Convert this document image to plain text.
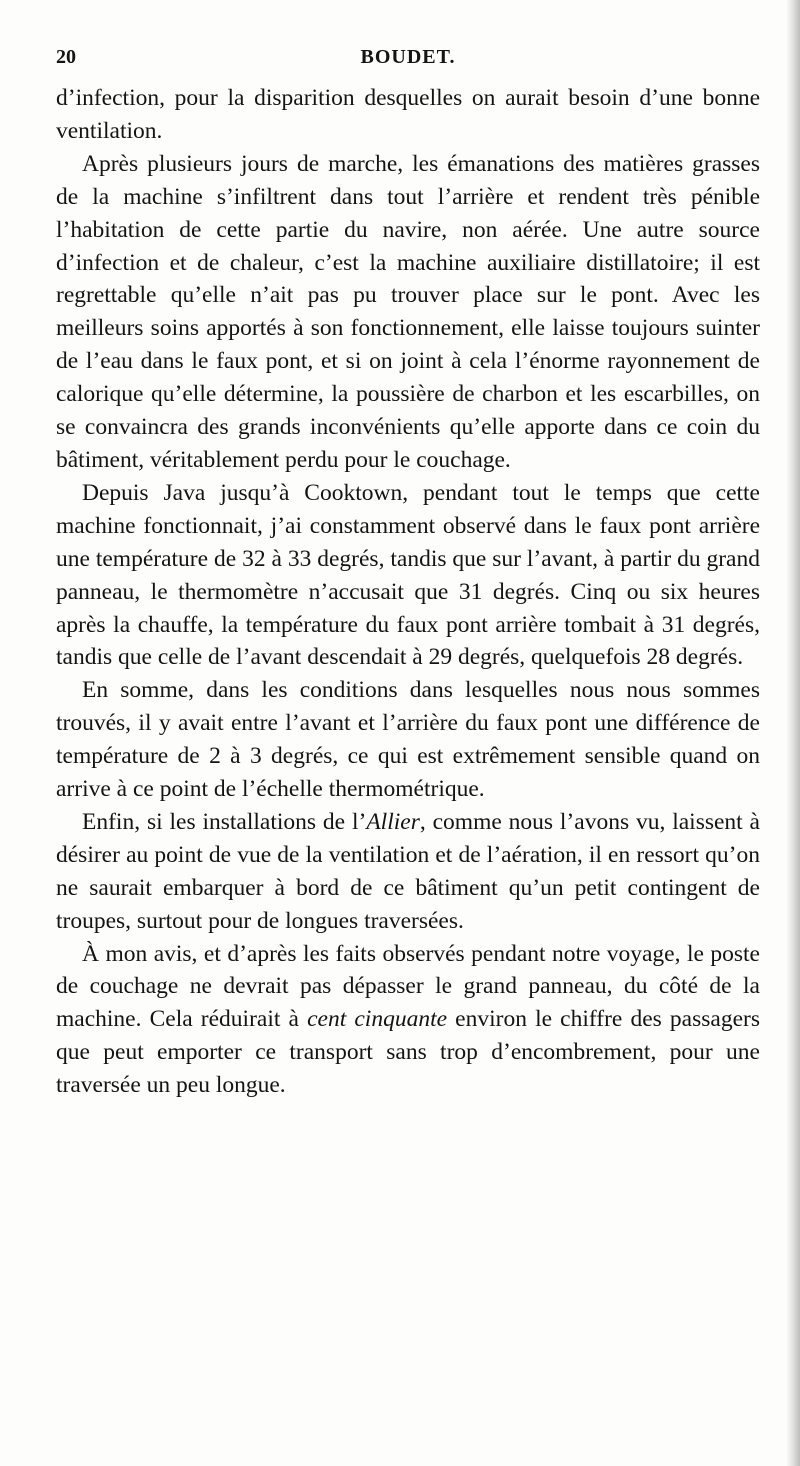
20	BOUDET.

d’infection, pour la disparition desquelles on aurait besoin d’une bonne ventilation.

Après plusieurs jours de marche, les émanations des matières grasses de la machine s’infiltrent dans tout l’arrière et rendent très pénible l’habitation de cette partie du navire, non aérée. Une autre source d’infection et de chaleur, c’est la machine auxiliaire distillatoire; il est regrettable qu’elle n’ait pas pu trouver place sur le pont. Avec les meilleurs soins apportés à son fonctionnement, elle laisse toujours suinter de l’eau dans le faux pont, et si on joint à cela l’énorme rayonnement de calorique qu’elle détermine, la poussière de charbon et les escarbilles, on se convaincra des grands inconvénients qu’elle apporte dans ce coin du bâtiment, véritablement perdu pour le couchage.

Depuis Java jusqu’à Cooktown, pendant tout le temps que cette machine fonctionnait, j’ai constamment observé dans le faux pont arrière une température de 32 à 33 degrés, tandis que sur l’avant, à partir du grand panneau, le thermomètre n’accusait que 31 degrés. Cinq ou six heures après la chauffe, la température du faux pont arrière tombait à 31 degrés, tandis que celle de l’avant descendait à 29 degrés, quelquefois 28 degrés.

En somme, dans les conditions dans lesquelles nous nous sommes trouvés, il y avait entre l’avant et l’arrière du faux pont une différence de température de 2 à 3 degrés, ce qui est extrêmement sensible quand on arrive à ce point de l’échelle thermométrique.

Enfin, si les installations de l’Allier, comme nous l’avons vu, laissent à désirer au point de vue de la ventilation et de l’aération, il en ressort qu’on ne saurait embarquer à bord de ce bâtiment qu’un petit contingent de troupes, surtout pour de longues traversées.

À mon avis, et d’après les faits observés pendant notre voyage, le poste de couchage ne devrait pas dépasser le grand panneau, du côté de la machine. Cela réduirait à cent cinquante environ le chiffre des passagers que peut emporter ce transport sans trop d’encombrement, pour une traversée un peu longue.
